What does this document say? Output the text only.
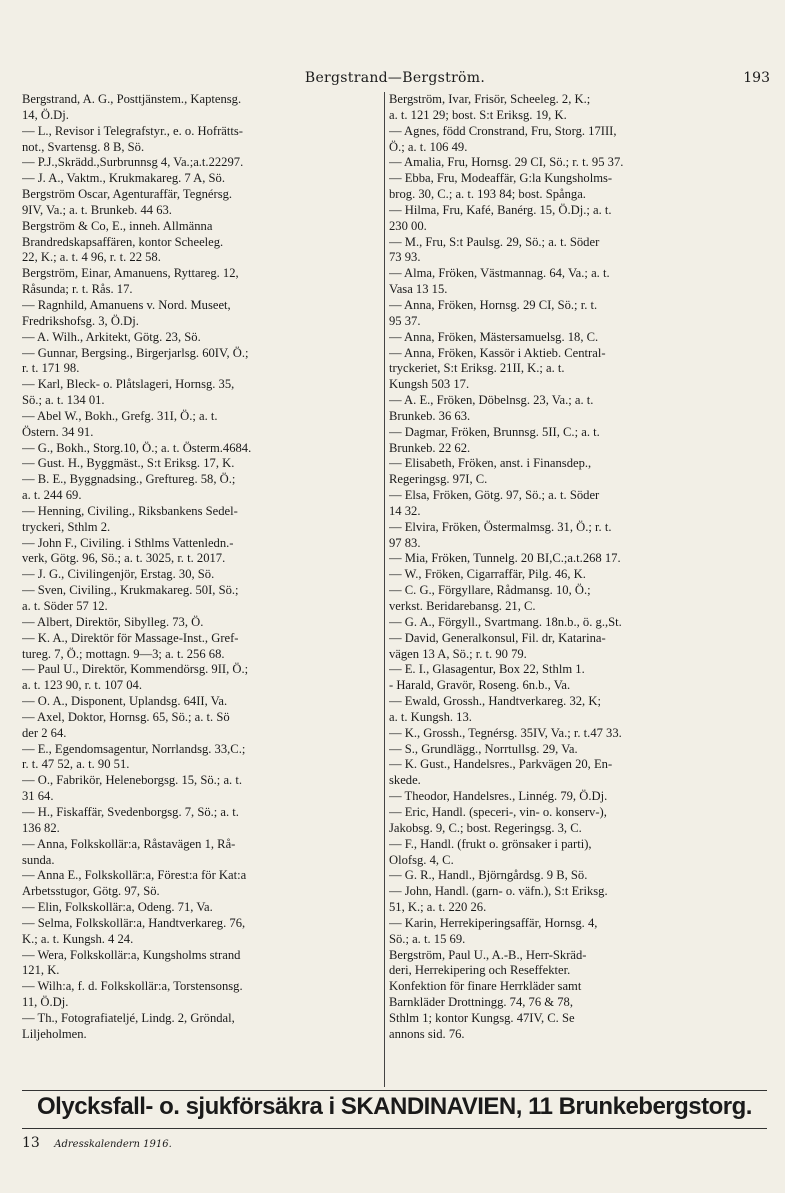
Bergstrand—Bergström.	193
Bergstrand, A. G., Posttjänstem., Kaptensg.
14, Ö.Dj.
— L., Revisor i Telegrafstyr., e. o. Hofrätts-
not., Svartensg. 8 B, Sö.
— P.J.,Skrädd.,Surbrunnsg 4, Va.;a.t.22297.
— J. A., Vaktm., Krukmakareg. 7 A, Sö.
Bergström Oscar, Agenturaffär, Tegnérsg.
9IV, Va.; a. t. Brunkeb. 44 63.
Bergström & Co, E., inneh. Allmänna
Brandredskapsaffären, kontor Scheeleg.
22, K.; a. t. 4 96, r. t. 22 58.
Bergström, Einar, Amanuens, Ryttareg. 12,
Råsunda; r. t. Rås. 17.
— Ragnhild, Amanuens v. Nord. Museet,
Fredrikshofsg. 3, Ö.Dj.
— A. Wilh., Arkitekt, Götg. 23, Sö.
— Gunnar, Bergsing., Birgerjarlsg. 60IV, Ö.;
r. t. 171 98.
— Karl, Bleck- o. Plåtslageri, Hornsg. 35,
Sö.; a. t. 134 01.
— Abel W., Bokh., Grefg. 31I, Ö.; a. t.
Östern. 34 91.
— G., Bokh., Storg.10, Ö.; a. t. Österm.4684.
— Gust. H., Byggmäst., S:t Eriksg. 17, K.
— B. E., Byggnadsing., Greftureg. 58, Ö.;
a. t. 244 69.
— Henning, Civiling., Riksbankens Sedel-
tryckeri, Sthlm 2.
— John F., Civiling. i Sthlms Vattenledn.-
verk, Götg. 96, Sö.; a. t. 3025, r. t. 2017.
— J. G., Civilingenjör, Erstag. 30, Sö.
— Sven, Civiling., Krukmakareg. 50I, Sö.;
a. t. Söder 57 12.
— Albert, Direktör, Sibylleg. 73, Ö.
— K. A., Direktör för Massage-Inst., Gref-
tureg. 7, Ö.; mottagn. 9—3; a. t. 256 68.
— Paul U., Direktör, Kommendörsg. 9II, Ö.;
a. t. 123 90, r. t. 107 04.
— O. A., Disponent, Uplandsg. 64II, Va.
— Axel, Doktor, Hornsg. 65, Sö.; a. t. Sö
der 2 64.
— E., Egendomsagentur, Norrlandsg. 33,C.;
r. t. 47 52, a. t. 90 51.
— O., Fabrikör, Heleneborgsg. 15, Sö.; a. t.
31 64.
— H., Fiskaffär, Svedenborgsg. 7, Sö.; a. t.
136 82.
— Anna, Folkskollär:a, Råstavägen 1, Rå-
sunda.
— Anna E., Folkskollär:a, Förest:a för Kat:a
Arbetsstugor, Götg. 97, Sö.
— Elin, Folkskollär:a, Odeng. 71, Va.
— Selma, Folkskollär:a, Handtverkareg. 76,
K.; a. t. Kungsh. 4 24.
— Wera, Folkskollär:a, Kungsholms strand
121, K.
— Wilh:a, f. d. Folkskollär:a, Torstensonsg.
11, Ö.Dj.
— Th., Fotografiateljé, Lindg. 2, Gröndal,
Liljeholmen.
Bergström, Ivar, Frisör, Scheeleg. 2, K.;
a. t. 121 29; bost. S:t Eriksg. 19, K.
— Agnes, född Cronstrand, Fru, Storg. 17III,
Ö.; a. t. 106 49.
— Amalia, Fru, Hornsg. 29 CI, Sö.; r. t. 95 37.
— Ebba, Fru, Modeaffär, G:la Kungsholms-
brog. 30, C.; a. t. 193 84; bost. Spånga.
— Hilma, Fru, Kafé, Banérg. 15, Ö.Dj.; a. t.
230 00.
— M., Fru, S:t Paulsg. 29, Sö.; a. t. Söder
73 93.
— Alma, Fröken, Västmannag. 64, Va.; a. t.
Vasa 13 15.
— Anna, Fröken, Hornsg. 29 CI, Sö.; r. t.
95 37.
— Anna, Fröken, Mästersamuelsg. 18, C.
— Anna, Fröken, Kassör i Aktieb. Central-
tryckeriet, S:t Eriksg. 21II, K.; a. t.
Kungsh 503 17.
— A. E., Fröken, Döbelnsg. 23, Va.; a. t.
Brunkeb. 36 63.
— Dagmar, Fröken, Brunnsg. 5II, C.; a. t.
Brunkeb. 22 62.
— Elisabeth, Fröken, anst. i Finansdep.,
Regeringsg. 97I, C.
— Elsa, Fröken, Götg. 97, Sö.; a. t. Söder
14 32.
— Elvira, Fröken, Östermalmsg. 31, Ö.; r. t.
97 83.
— Mia, Fröken, Tunnelg. 20 BI,C.;a.t.268 17.
— W., Fröken, Cigarraffär, Pilg. 46, K.
— C. G., Förgyllare, Rådmansg. 10, Ö.;
verkst. Beridarebansg. 21, C.
— G. A., Förgyll., Svartmang. 18n.b., ö. g.,St.
— David, Generalkonsul, Fil. dr, Katarina-
vägen 13 A, Sö.; r. t. 90 79.
— E. I., Glasagentur, Box 22, Sthlm 1.
- Harald, Gravör, Roseng. 6n.b., Va.
— Ewald, Grossh., Handtverkareg. 32, K;
a. t. Kungsh. 13.
— K., Grossh., Tegnérsg. 35IV, Va.; r. t.47 33.
— S., Grundlägg., Norrtullsg. 29, Va.
— K. Gust., Handelsres., Parkvägen 20, En-
skede.
— Theodor, Handelsres., Linnég. 79, Ö.Dj.
— Eric, Handl. (speceri-, vin- o. konserv-),
Jakobsg. 9, C.; bost. Regeringsg. 3, C.
— F., Handl. (frukt o. grönsaker i parti),
Olofsg. 4, C.
— G. R., Handl., Björngårdsg. 9 B, Sö.
— John, Handl. (garn- o. väfn.), S:t Eriksg.
51, K.; a. t. 220 26.
— Karin, Herrekiperingsaffär, Hornsg. 4,
Sö.; a. t. 15 69.
Bergström, Paul U., A.-B., Herr-Skräd-
deri, Herrekipering och Reseffekter.
Konfektion för finare Herrkläder samt
Barnkläder Drottningg. 74, 76 & 78,
Sthlm 1; kontor Kungsg. 47IV, C. Se
annons sid. 76.
Olycksfall- o. sjukförsäkra i SKANDINAVIEN, 11 Brunkebergstorg.
13 Adresskalendern 1916.
